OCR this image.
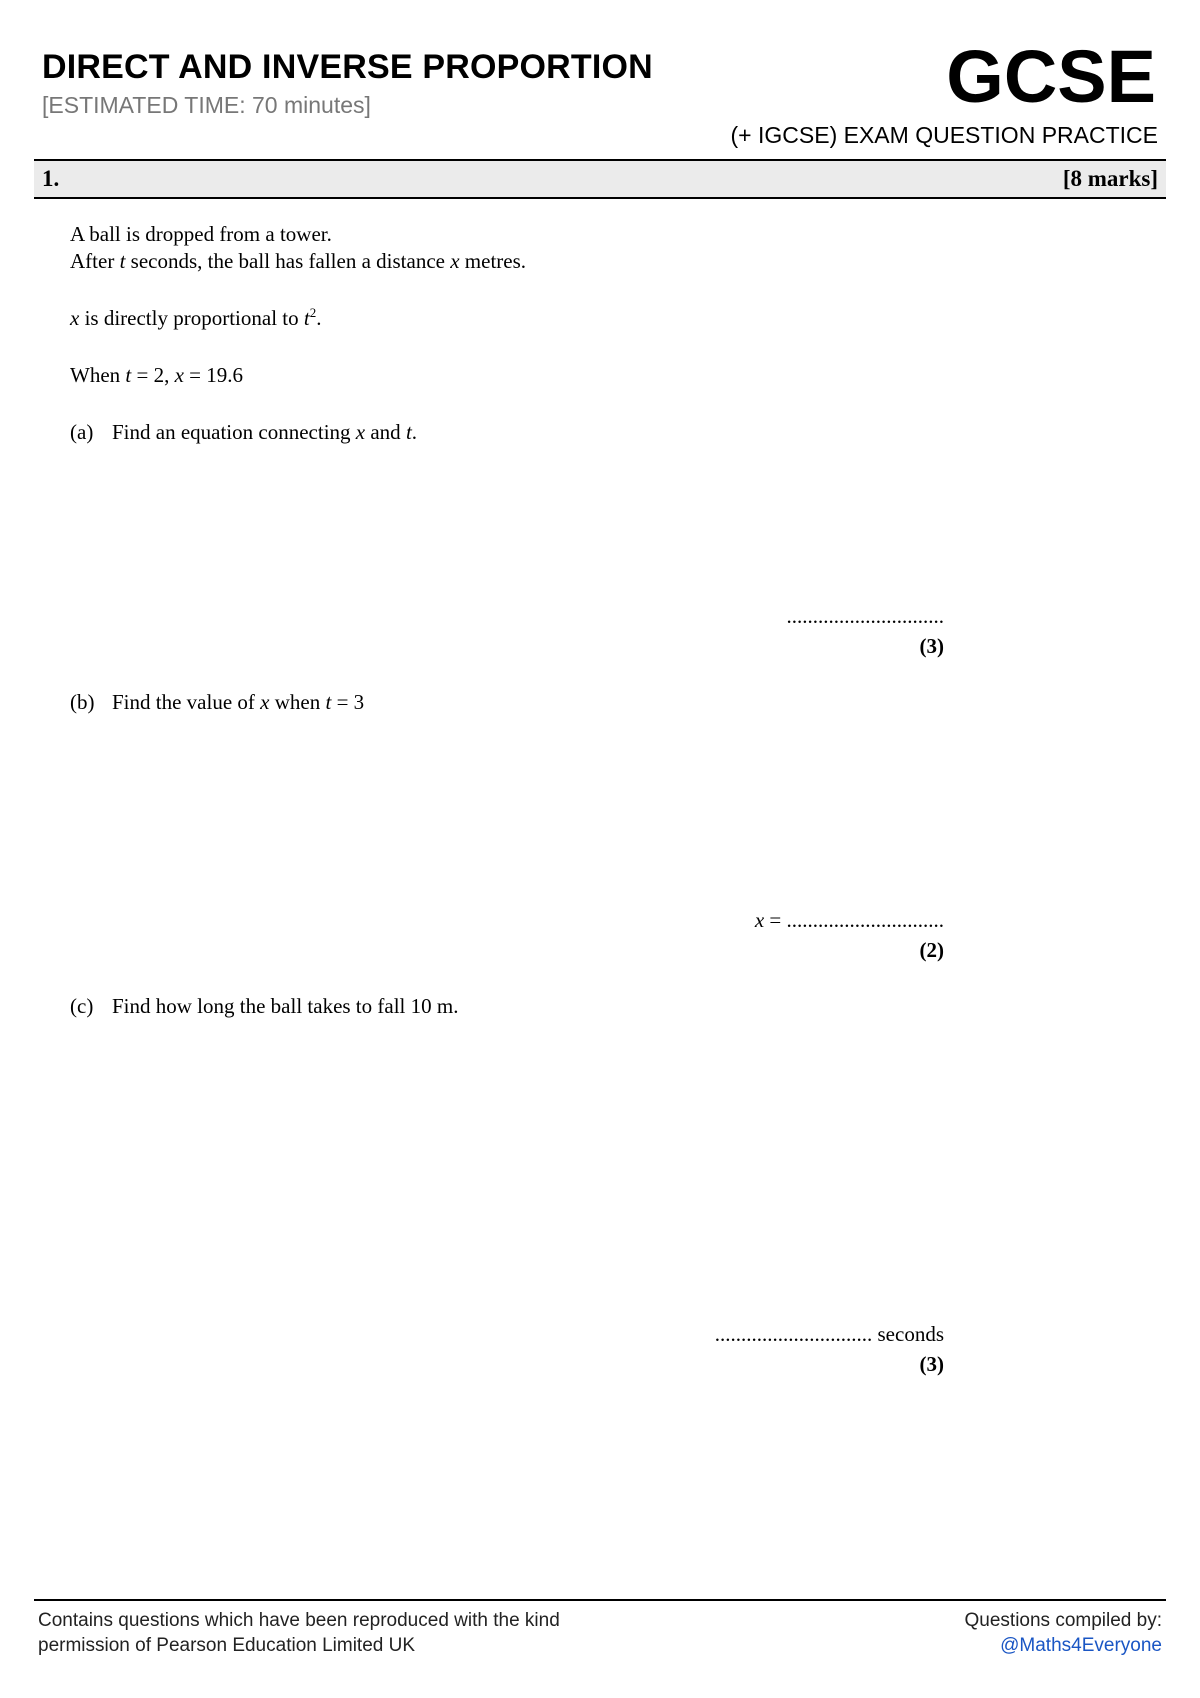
DIRECT AND INVERSE PROPORTION
[ESTIMATED TIME: 70 minutes]	GCSE
(+ IGCSE) EXAM QUESTION PRACTICE
1.	[8 marks]
A ball is dropped from a tower.
After t seconds, the ball has fallen a distance x metres.
x is directly proportional to $t^2$.
When t = 2, x = 19.6
(a) Find an equation connecting x and t.
..............................
(3)
(b) Find the value of x when t = 3
x = ..............................
(2)
(c) Find how long the ball takes to fall 10 m.
.............................. seconds
(3)
Contains questions which have been reproduced with the kind
permission of Pearson Education Limited UK
Questions compiled by:
@Maths4Everyone
